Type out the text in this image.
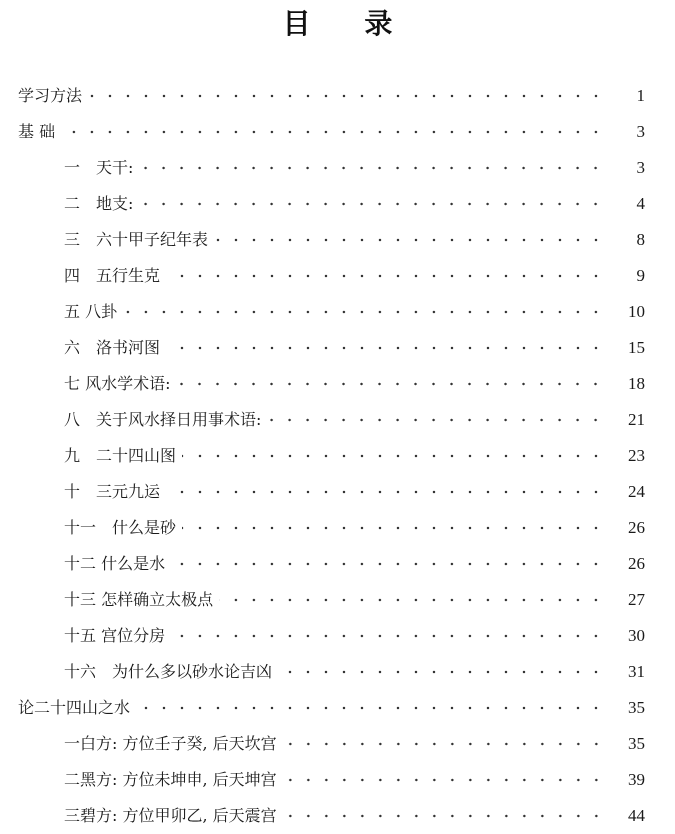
目 录
学习方法	1
基 础	3
一　天干:	3
二　地支:	4
三　六十甲子纪年表	8
四　五行生克	9
五 八卦	10
六　洛书河图	15
七 风水学术语:	18
八　关于风水择日用事术语:	21
九　二十四山图	23
十　三元九运	24
十一　什么是砂	26
十二 什么是水	26
十三 怎样确立太极点	27
十五 宫位分房	30
十六　为什么多以砂水论吉凶	31
论二十四山之水	35
一白方: 方位壬子癸, 后天坎宫	35
二黑方: 方位未坤申, 后天坤宫	39
三碧方: 方位甲卯乙, 后天震宫	44
